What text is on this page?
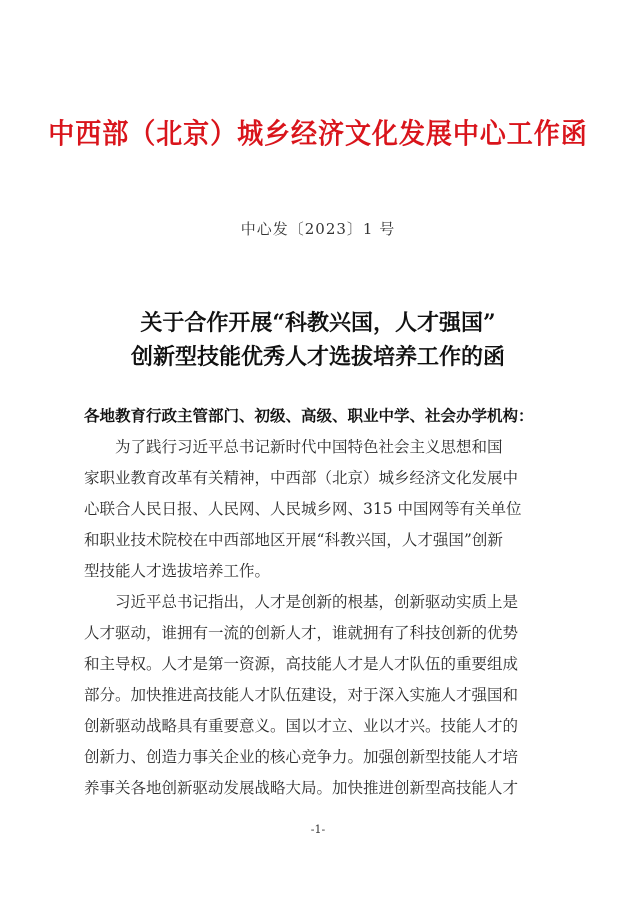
中西部（北京）城乡经济文化发展中心工作函
中心发〔2023〕1 号
关于合作开展“科教兴国，人才强国”
创新型技能优秀人才选拔培养工作的函
各地教育行政主管部门、初级、高级、职业中学、社会办学机构：
为了践行习近平总书记新时代中国特色社会主义思想和国
家职业教育改革有关精神，中西部（北京）城乡经济文化发展中
心联合人民日报、人民网、人民城乡网、315 中国网等有关单位
和职业技术院校在中西部地区开展“科教兴国，人才强国”创新
型技能人才选拔培养工作。
习近平总书记指出，人才是创新的根基，创新驱动实质上是
人才驱动，谁拥有一流的创新人才，谁就拥有了科技创新的优势
和主导权。人才是第一资源，高技能人才是人才队伍的重要组成
部分。加快推进高技能人才队伍建设，对于深入实施人才强国和
创新驱动战略具有重要意义。国以才立、业以才兴。技能人才的
创新力、创造力事关企业的核心竞争力。加强创新型技能人才培
养事关各地创新驱动发展战略大局。加快推进创新型高技能人才
-1-
